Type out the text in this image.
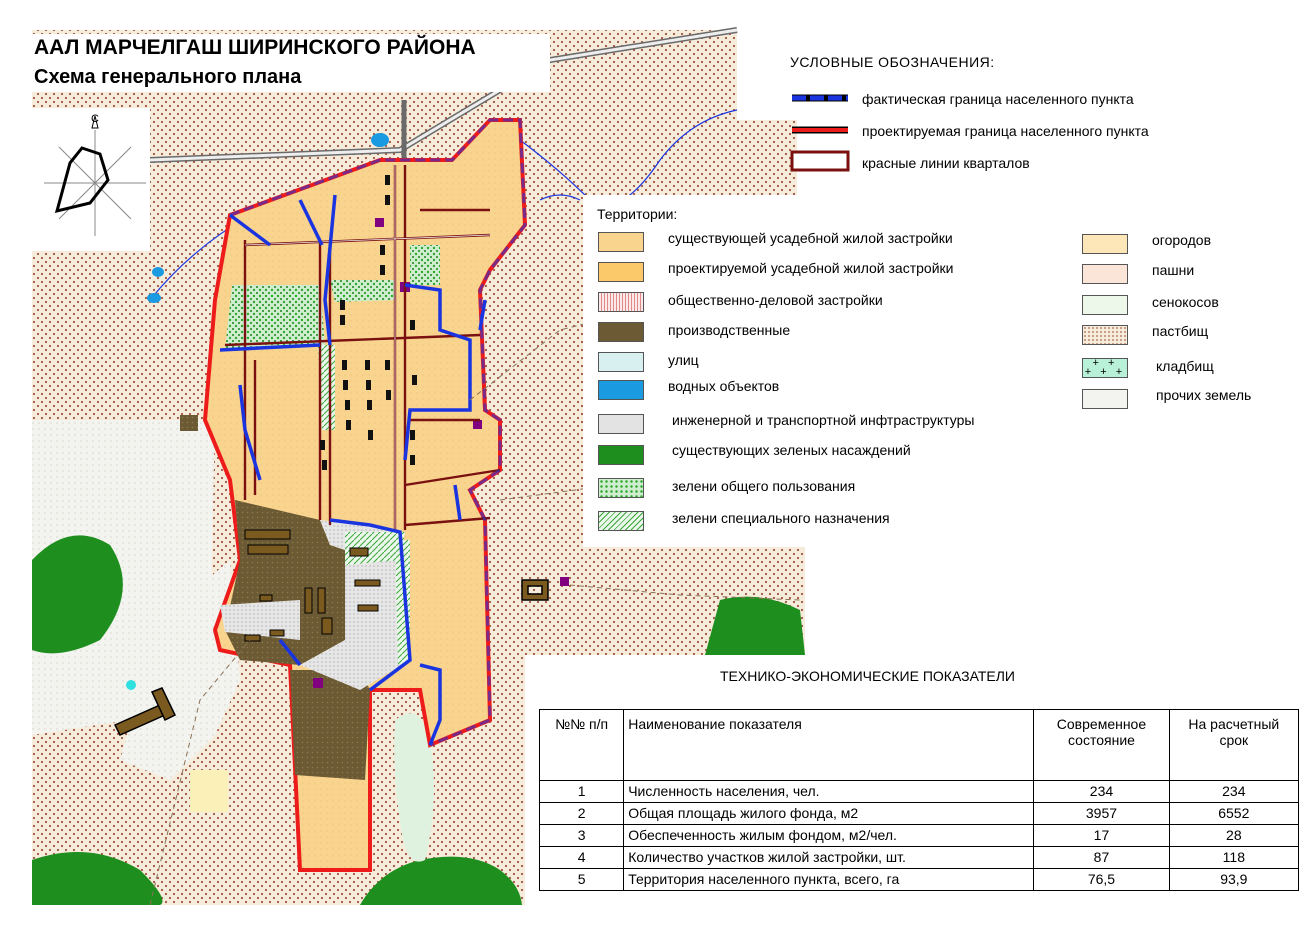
ААЛ МАРЧЕЛГАШ ШИРИНСКОГО РАЙОНА
Схема генерального плана
С
УСЛОВНЫЕ ОБОЗНАЧЕНИЯ:
фактическая граница населенного пункта
проектируемая граница населенного пункта
красные линии кварталов
Территории:
существующей усадебной жилой застройки
проектируемой усадебной жилой застройки
общественно-деловой застройки
производственные
улиц
водных объектов
инженерной и транспортной инфтраструктуры
существующих зеленых насаждений
зелени общего пользования
зелени специального назначения
огородов
пашни
сенокосов
пастбищ
+ +
+ + + кладбищ
прочих земель
ТЕХНИКО-ЭКОНОМИЧЕСКИЕ ПОКАЗАТЕЛИ
№№ п/п	Наименование показателя	Современное состояние	На расчетный срок
1	Численность населения, чел.	234	234
2	Общая площадь жилого фонда, м2	3957	6552
3	Обеспеченность жилым фондом, м2/чел.	17	28
4	Количество участков жилой застройки, шт.	87	118
5	Территория населенного пункта, всего, га	76,5	93,9
